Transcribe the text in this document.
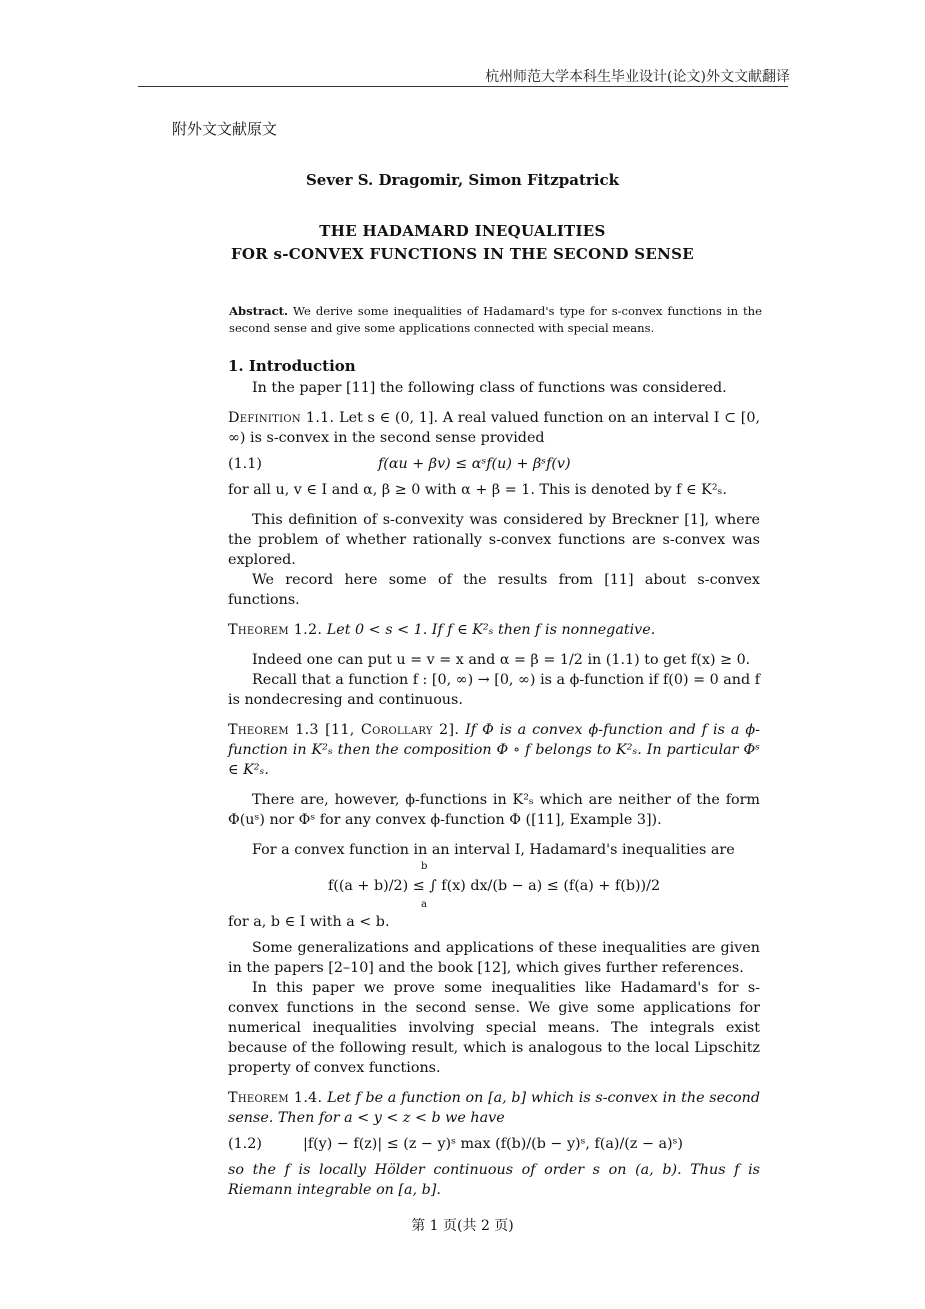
杭州师范大学本科生毕业设计(论文)外文文献翻译
附外文文献原文
Sever S. Dragomir, Simon Fitzpatrick
THE HADAMARD INEQUALITIES
FOR s-CONVEX FUNCTIONS IN THE SECOND SENSE
Abstract. We derive some inequalities of Hadamard's type for s-convex functions in the second sense and give some applications connected with special means.

1. Introduction

In the paper [11] the following class of functions was considered.

Definition 1.1. Let s ∈ (0, 1]. A real valued function on an interval I ⊂ [0, ∞) is s-convex in the second sense provided

(1.1)	f(αu + βv) ≤ αˢf(u) + βˢf(v)

for all u, v ∈ I and α, β ≥ 0 with α + β = 1. This is denoted by f ∈ K²ₛ.

This definition of s-convexity was considered by Breckner [1], where the problem of whether rationally s-convex functions are s-convex was explored.

We record here some of the results from [11] about s-convex functions.

Theorem 1.2. Let 0 < s < 1. If f ∈ K²ₛ then f is nonnegative.

Indeed one can put u = v = x and α = β = 1/2 in (1.1) to get f(x) ≥ 0.

Recall that a function f : [0, ∞) → [0, ∞) is a ϕ-function if f(0) = 0 and f is nondecresing and continuous.

Theorem 1.3 [11, Corollary 2]. If Φ is a convex ϕ-function and f is a ϕ-function in K²ₛ then the composition Φ ∘ f belongs to K²ₛ. In particular Φˢ ∈ K²ₛ.

There are, however, ϕ-functions in K²ₛ which are neither of the form Φ(uˢ) nor Φˢ for any convex ϕ-function Φ ([11], Example 3]).

For a convex function in an interval I, Hadamard's inequalities are

f((a + b)/2) ≤ ∫ f(x) dx/(b − a) ≤ (f(a) + f(b))/2
b
a

for a, b ∈ I with a < b.

Some generalizations and applications of these inequalities are given in the papers [2–10] and the book [12], which gives further references.

In this paper we prove some inequalities like Hadamard's for s-convex functions in the second sense. We give some applications for numerical inequalities involving special means. The integrals exist because of the following result, which is analogous to the local Lipschitz property of convex functions.

Theorem 1.4. Let f be a function on [a, b] which is s-convex in the second sense. Then for a < y < z < b we have

(1.2)	|f(y) − f(z)| ≤ (z − y)ˢ max (f(b)/(b − y)ˢ, f(a)/(z − a)ˢ)

so the f is locally Hölder continuous of order s on (a, b). Thus f is Riemann integrable on [a, b].

第 1 页(共 2 页)
